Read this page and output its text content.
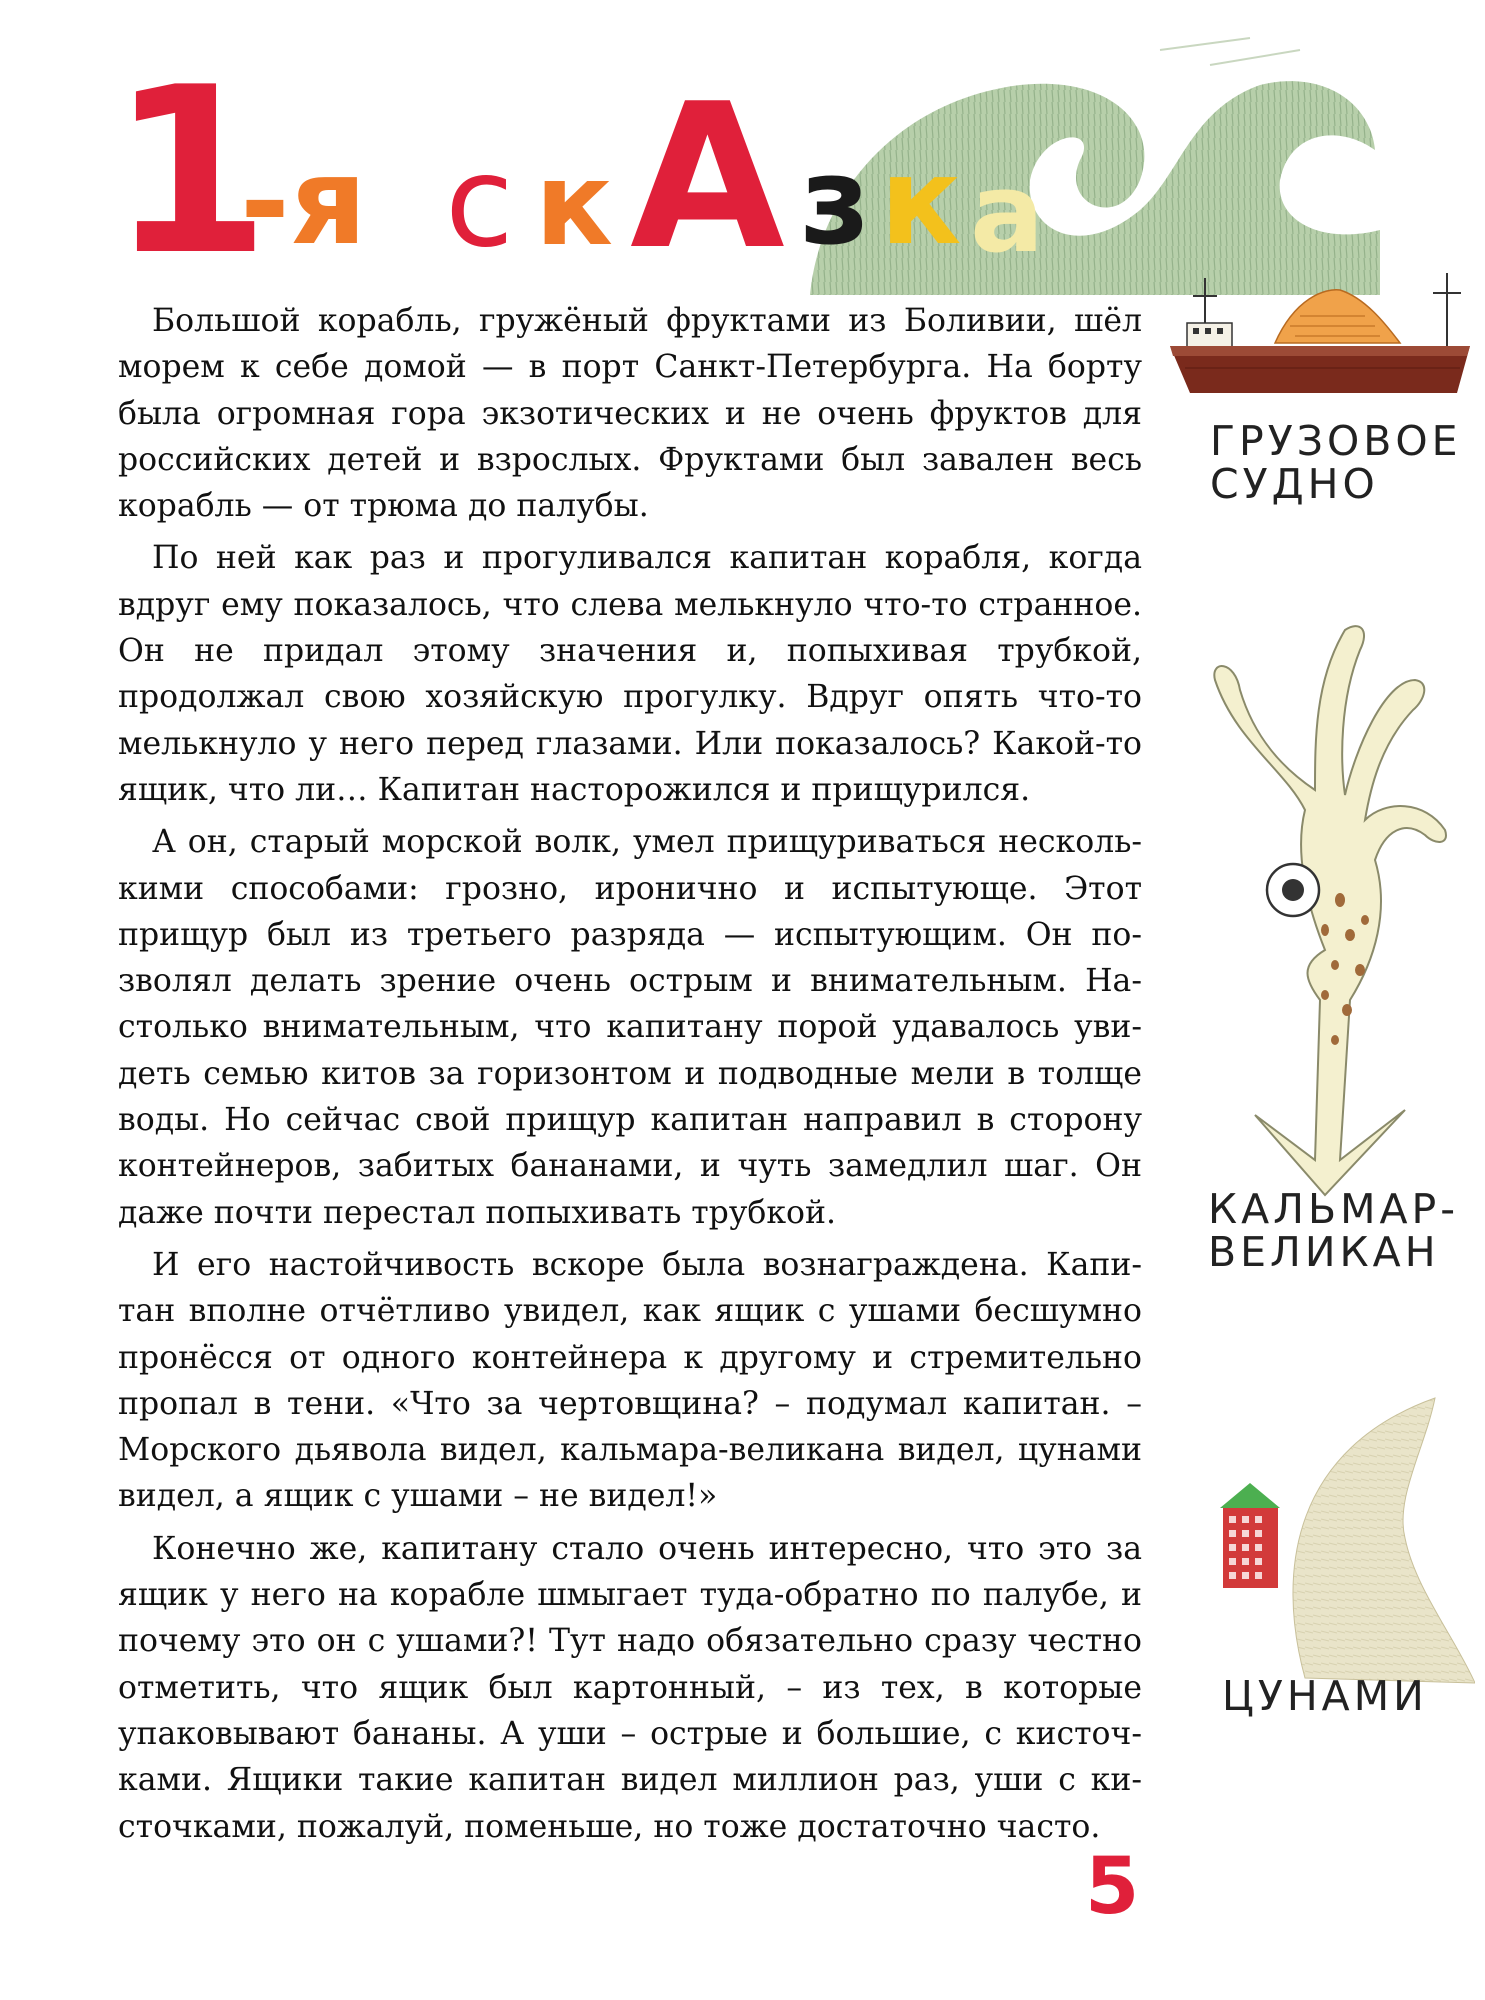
1
-я с к А з к а

Большой корабль, гружёный фруктами из Боливии, шёл морем к себе домой — в порт Санкт-Петербурга. На борту была огромная гора экзотических и не очень фруктов для российских детей и взрослых. Фруктами был завален весь корабль — от трюма до палубы.

По ней как раз и прогуливался капитан корабля, когда вдруг ему показалось, что слева мелькнуло что-то странное. Он не придал этому значения и, попыхивая трубкой, продолжал свою хозяйскую прогулку. Вдруг опять что-то мелькнуло у него перед глазами. Или показалось? Какой-то ящик, что ли… Капитан насторожился и прищурился.

А он, старый морской волк, умел прищуриваться несколькими способами: грозно, иронично и испытующе. Этот прищур был из третьего разряда — испытующим. Он позволял делать зрение очень острым и внимательным. Настолько внимательным, что капитану порой удавалось увидеть семью китов за горизонтом и подводные мели в толще воды. Но сейчас свой прищур капитан направил в сторону контейнеров, забитых бананами, и чуть замедлил шаг. Он даже почти перестал попыхивать трубкой.

И его настойчивость вскоре была вознаграждена. Капитан вполне отчётливо увидел, как ящик с ушами бесшумно пронёсся от одного контейнера к другому и стремительно пропал в тени. «Что за чертовщина? – подумал капитан. – Морского дьявола видел, кальмара-великана видел, цунами видел, а ящик с ушами – не видел!»

Конечно же, капитану стало очень интересно, что это за ящик у него на корабле шмыгает туда-обратно по палубе, и почему это он с ушами?! Тут надо обязательно сразу честно отметить, что ящик был картонный, – из тех, в которые упаковывают бананы. А уши – острые и большие, с кисточками. Ящики такие капитан видел миллион раз, уши с кисточками, пожалуй, поменьше, но тоже достаточно часто.

ГРУЗОВОЕ
СУДНО
КАЛЬМАР-
ВЕЛИКАН
ЦУНАМИ
5
